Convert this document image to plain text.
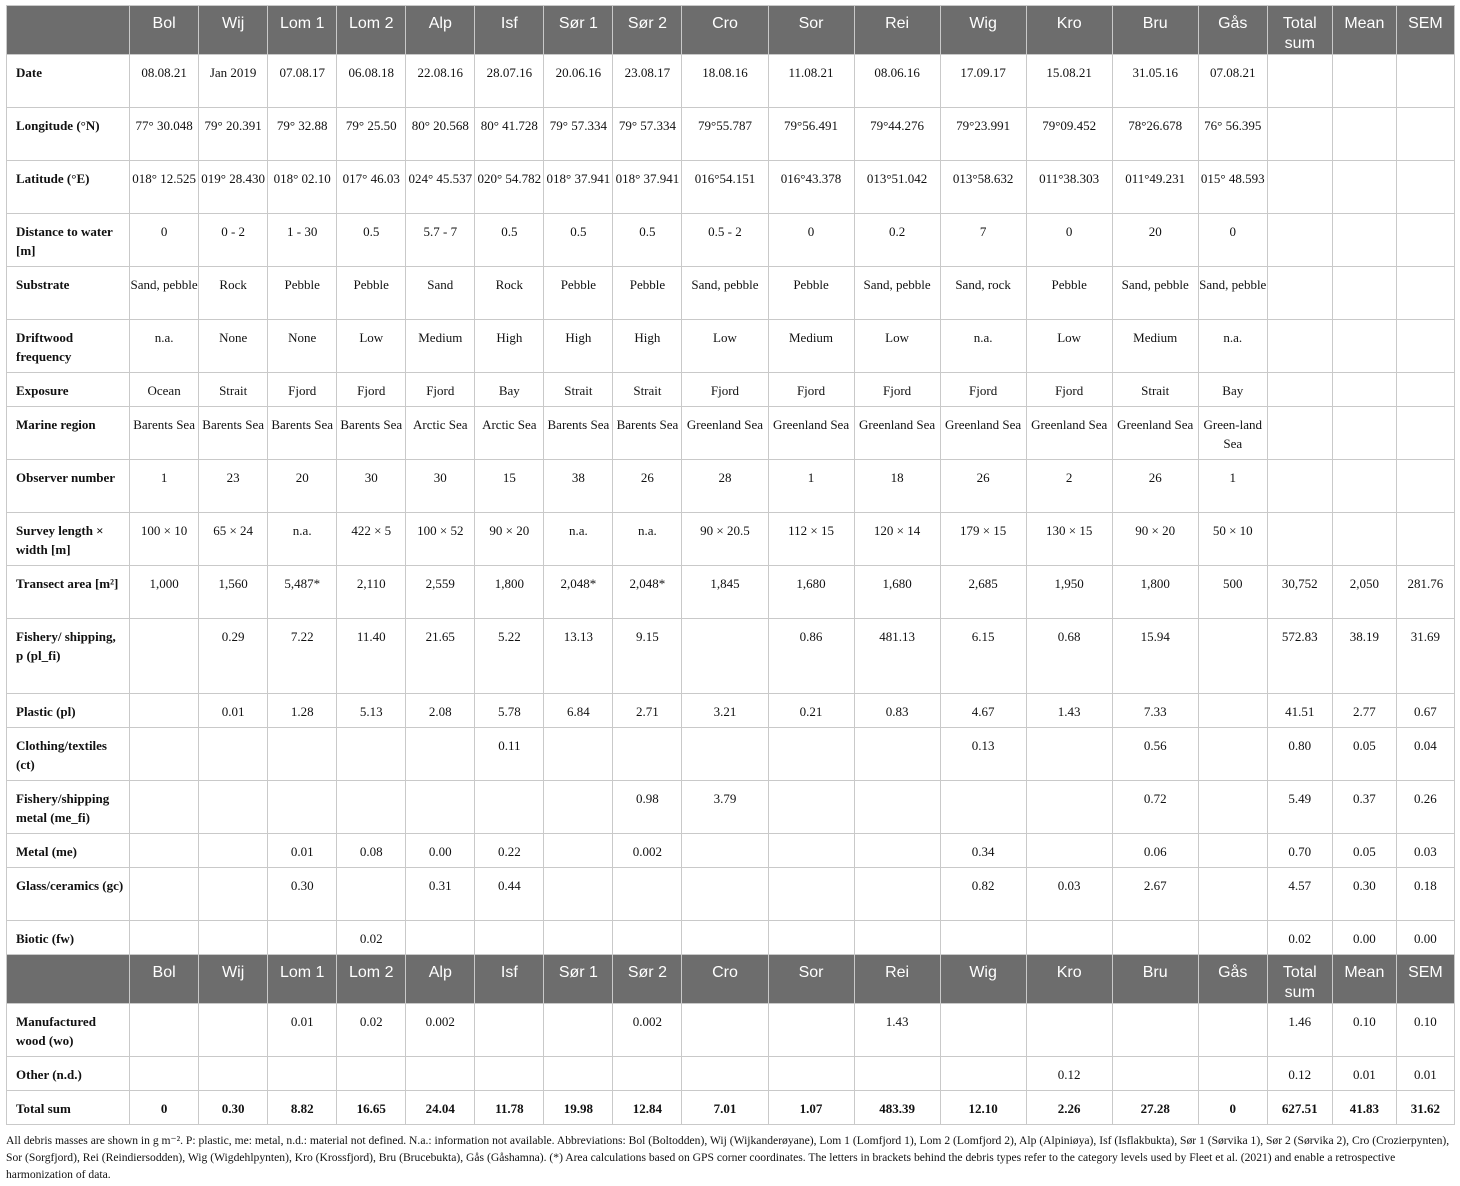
	Bol	Wij	Lom 1	Lom 2	Alp	Isf	Sør 1	Sør 2	Cro	Sor	Rei	Wig	Kro	Bru	Gås	Total sum	Mean	SEM
Date	08.08.21	Jan 2019	07.08.17	06.08.18	22.08.16	28.07.16	20.06.16	23.08.17	18.08.16	11.08.21	08.06.16	17.09.17	15.08.21	31.05.16	07.08.21			
Longitude (°N)	77° 30.048	79° 20.391	79° 32.88	79° 25.50	80° 20.568	80° 41.728	79° 57.334	79° 57.334	79°55.787	79°56.491	79°44.276	79°23.991	79°09.452	78°26.678	76° 56.395			
Latitude (°E)	018° 12.525	019° 28.430	018° 02.10	017° 46.03	024° 45.537	020° 54.782	018° 37.941	018° 37.941	016°54.151	016°43.378	013°51.042	013°58.632	011°38.303	011°49.231	015° 48.593			
Distance to water [m]	0	0 - 2	1 - 30	0.5	5.7 - 7	0.5	0.5	0.5	0.5 - 2	0	0.2	7	0	20	0			
Substrate	Sand, pebble	Rock	Pebble	Pebble	Sand	Rock	Pebble	Pebble	Sand, pebble	Pebble	Sand, pebble	Sand, rock	Pebble	Sand, pebble	Sand, pebble			
Driftwood frequency	n.a.	None	None	Low	Medium	High	High	High	Low	Medium	Low	n.a.	Low	Medium	n.a.			
Exposure	Ocean	Strait	Fjord	Fjord	Fjord	Bay	Strait	Strait	Fjord	Fjord	Fjord	Fjord	Fjord	Strait	Bay			
Marine region	Barents Sea	Barents Sea	Barents Sea	Barents Sea	Arctic Sea	Arctic Sea	Barents Sea	Barents Sea	Greenland Sea	Greenland Sea	Greenland Sea	Greenland Sea	Greenland Sea	Greenland Sea	Green-land Sea			
Observer number	1	23	20	30	30	15	38	26	28	1	18	26	2	26	1			
Survey length × width [m]	100 × 10	65 × 24	n.a.	422 × 5	100 × 52	90 × 20	n.a.	n.a.	90 × 20.5	112 × 15	120 × 14	179 × 15	130 × 15	90 × 20	50 × 10			
Transect area [m²]	1,000	1,560	5,487*	2,110	2,559	1,800	2,048*	2,048*	1,845	1,680	1,680	2,685	1,950	1,800	500	30,752	2,050	281.76
Fishery/ shipping, p (pl_fi)		0.29	7.22	11.40	21.65	5.22	13.13	9.15		0.86	481.13	6.15	0.68	15.94		572.83	38.19	31.69
Plastic (pl)		0.01	1.28	5.13	2.08	5.78	6.84	2.71	3.21	0.21	0.83	4.67	1.43	7.33		41.51	2.77	0.67
Clothing/textiles (ct)						0.11						0.13		0.56		0.80	0.05	0.04
Fishery/shipping metal (me_fi)								0.98	3.79					0.72		5.49	0.37	0.26
Metal (me)			0.01	0.08	0.00	0.22		0.002				0.34		0.06		0.70	0.05	0.03
Glass/ceramics (gc)			0.30		0.31	0.44						0.82	0.03	2.67		4.57	0.30	0.18
Biotic (fw)				0.02												0.02	0.00	0.00
	Bol	Wij	Lom 1	Lom 2	Alp	Isf	Sør 1	Sør 2	Cro	Sor	Rei	Wig	Kro	Bru	Gås	Total sum	Mean	SEM
Manufactured wood (wo)			0.01	0.02	0.002			0.002			1.43					1.46	0.10	0.10
Other (n.d.)													0.12			0.12	0.01	0.01
Total sum	0	0.30	8.82	16.65	24.04	11.78	19.98	12.84	7.01	1.07	483.39	12.10	2.26	27.28	0	627.51	41.83	31.62
All debris masses are shown in g m⁻². P: plastic, me: metal, n.d.: material not defined. N.a.: information not available. Abbreviations: Bol (Boltodden), Wij (Wijkanderøyane), Lom 1 (Lomfjord 1), Lom 2 (Lomfjord 2), Alp (Alpiniøya), Isf (Isflakbukta), Sør 1 (Sørvika 1), Sør 2 (Sørvika 2), Cro (Crozierpynten), Sor (Sorgfjord), Rei (Reindiersodden), Wig (Wigdehlpynten), Kro (Krossfjord), Bru (Brucebukta), Gås (Gåshamna). (*) Area calculations based on GPS corner coordinates. The letters in brackets behind the debris types refer to the category levels used by Fleet et al. (2021) and enable a retrospective harmonization of data.
